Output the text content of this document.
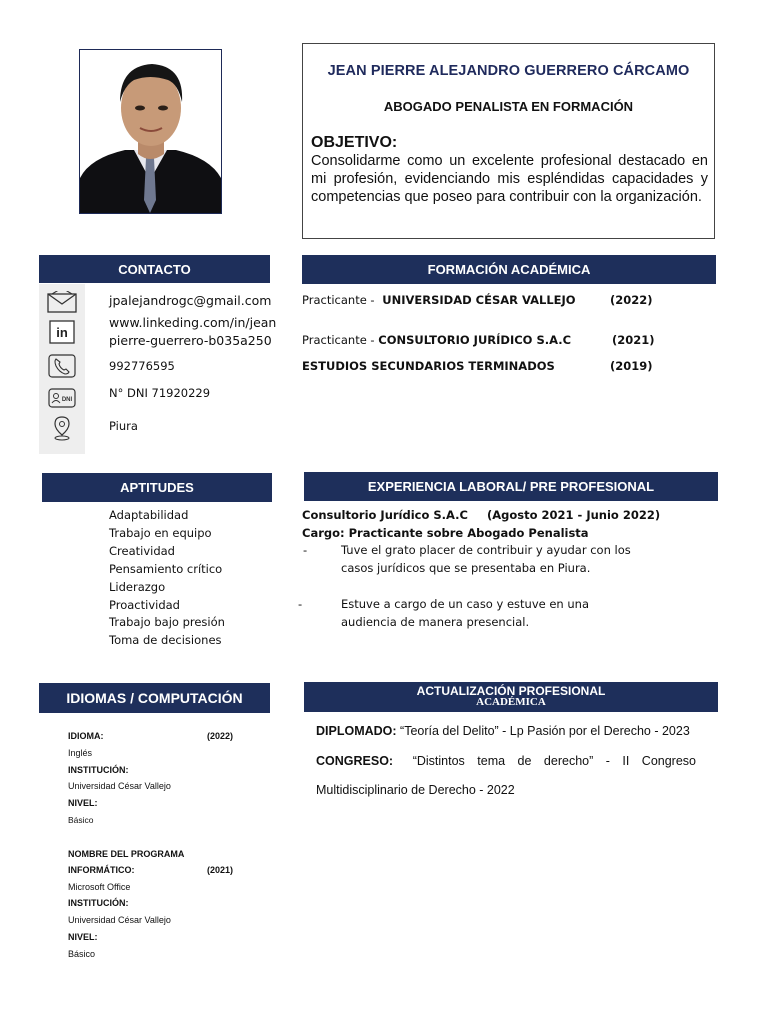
JEAN PIERRE ALEJANDRO GUERRERO CÁRCAMO
ABOGADO PENALISTA EN FORMACIÓN
OBJETIVO:
Consolidarme como un excelente profesional destacado en mi profesión, evidenciando mis espléndidas capacidades y competencias que poseo para contribuir con la organización.
CONTACTO	FORMACIÓN ACADÉMICA
APTITUDES	EXPERIENCIA LABORAL/ PRE PROFESIONAL
IDIOMAS / COMPUTACIÓN	ACTUALIZACIÓN PROFESIONAL
ACADÉMICA
in
DNI
jpalejandrogc@gmail.com
www.linkeding.com/in/jean
pierre-guerrero-b035a250
992776595
N° DNI 71920229
Piura
Practicante - UNIVERSIDAD CÉSAR VALLEJO	(2022)
Practicante - CONSULTORIO JURÍDICO S.A.C	(2021)
ESTUDIOS SECUNDARIOS TERMINADOS	(2019)
Adaptabilidad
Trabajo en equipo
Creatividad
Pensamiento crítico
Liderazgo
Proactividad
Trabajo bajo presión
Toma de decisiones
Consultorio Jurídico S.A.C (Agosto 2021 - Junio 2022)
Cargo: Practicante sobre Abogado Penalista
-	Tuve el grato placer de contribuir y ayudar con los
casos jurídicos que se presentaba en Piura.
-	Estuve a cargo de un caso y estuve en una
audiencia de manera presencial.
IDIOMA:	(2022)
Inglés
INSTITUCIÓN:
Universidad César Vallejo
NIVEL:
Básico
NOMBRE DEL PROGRAMA
INFORMÁTICO:	(2021)
Microsoft Office
INSTITUCIÓN:
Universidad César Vallejo
NIVEL:
Básico
DIPLOMADO: “Teoría del Delito” - Lp Pasión por el Derecho - 2023
CONGRESO: “Distintos tema de derecho” - II Congreso
Multidisciplinario de Derecho - 2022
